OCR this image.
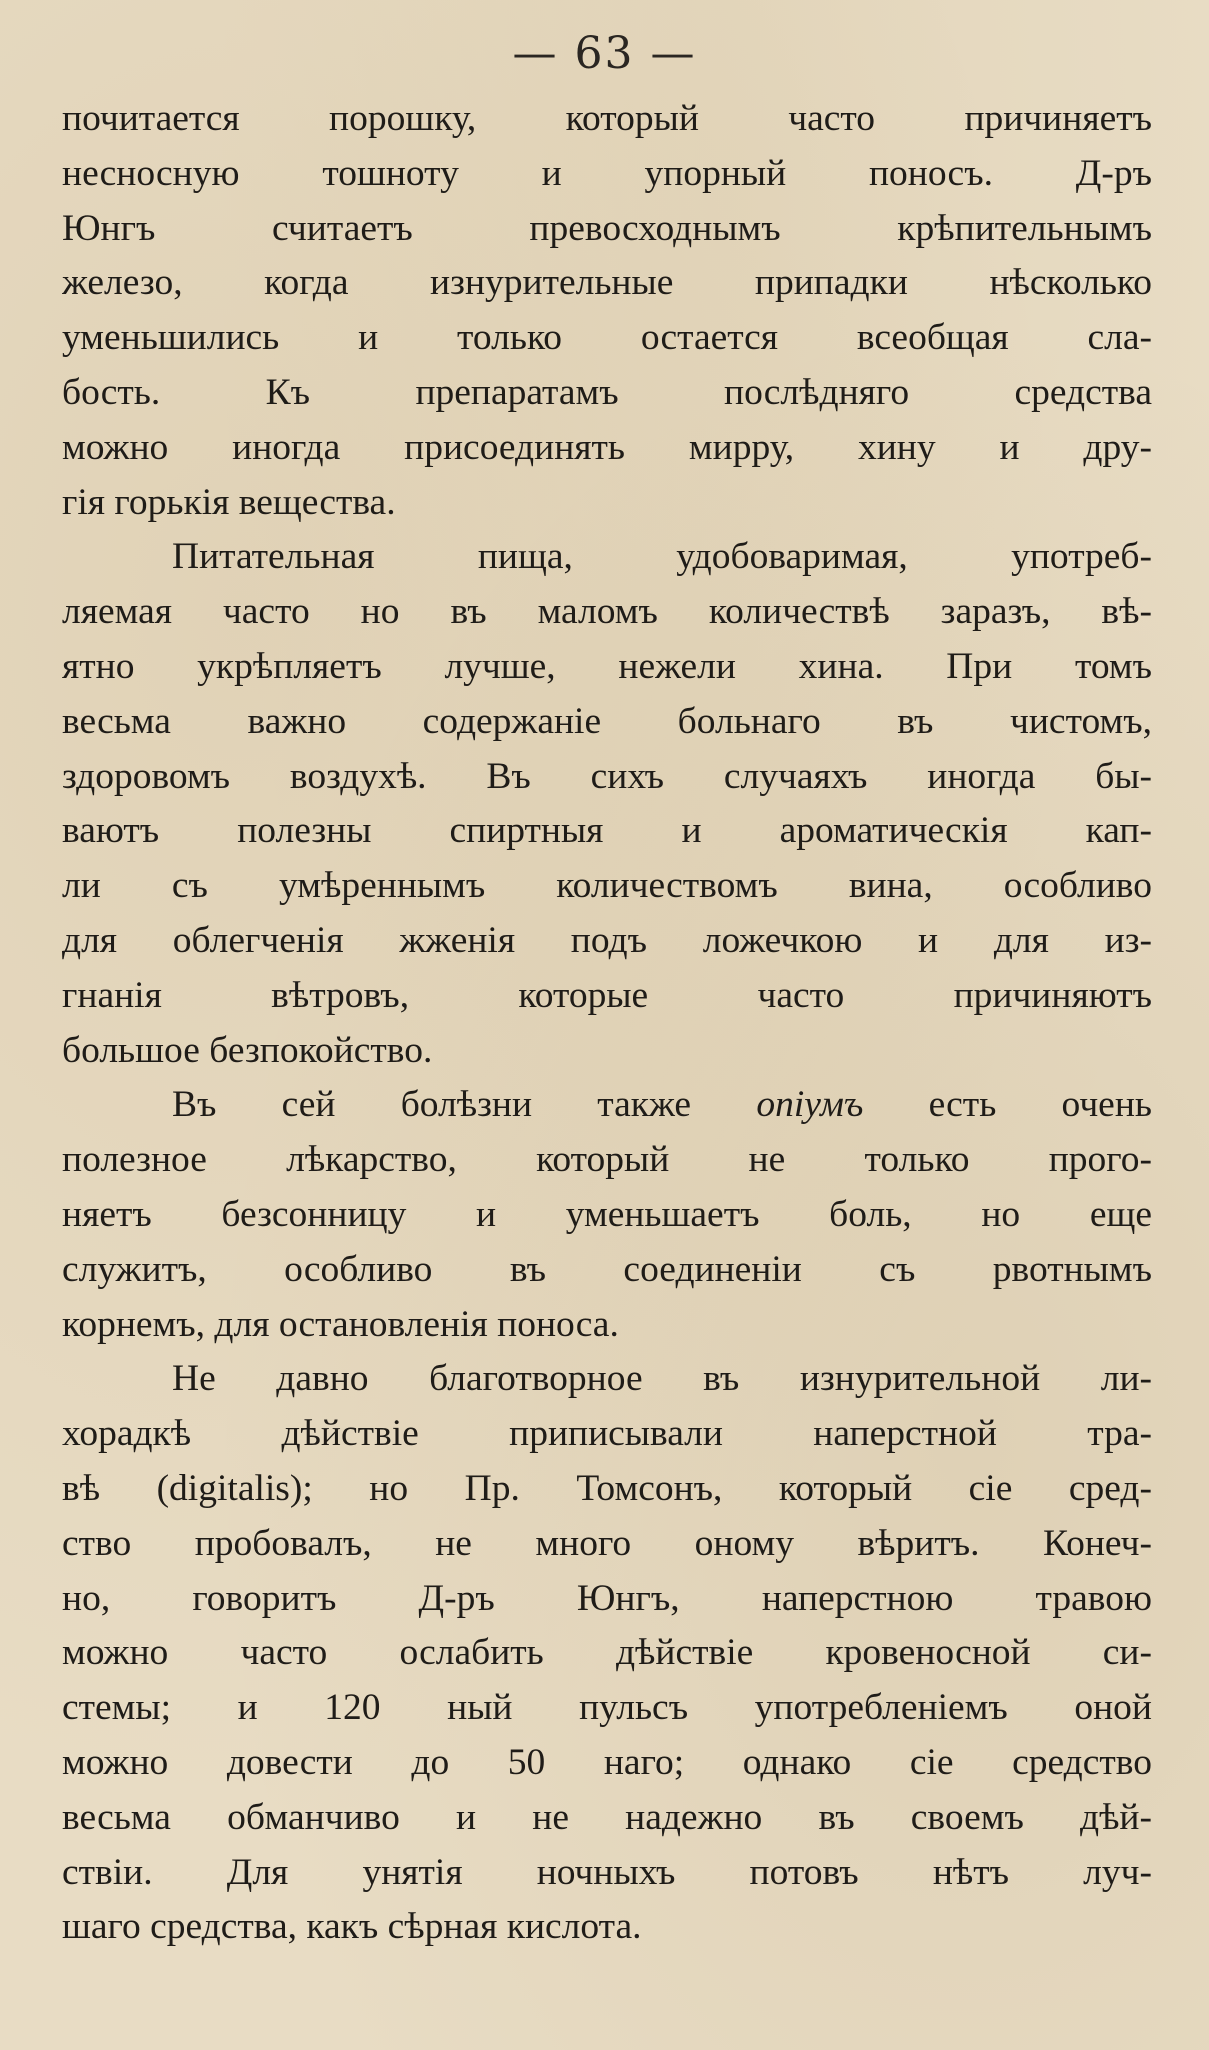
— 63 —
почитается порошку, который часто причиняетъ
несносную тошноту и упорный поносъ. Д-ръ
Юнгъ считаетъ превосходнымъ крѣпительнымъ
железо, когда изнурительные припадки нѣсколько
уменьшились и только остается всеобщая сла-
бость. Къ препаратамъ послѣдняго средства
можно иногда присоединять мирру, хину и дру-
гія горькія вещества.
Питательная пища, удобоваримая, употреб-
ляемая часто но въ маломъ количествѣ заразъ, вѣ-
ятно укрѣпляетъ лучше, нежели хина. При томъ
весьма важно содержаніе больнаго въ чистомъ,
здоровомъ воздухѣ. Въ сихъ случаяхъ иногда бы-
ваютъ полезны спиртныя и ароматическія кап-
ли съ умѣреннымъ количествомъ вина, особливо
для облегченія жженія подъ ложечкою и для из-
гнанія вѣтровъ, которые часто причиняютъ
большое безпокойство.
Въ сей болѣзни также опіумъ есть очень
полезное лѣкарство, который не только прого-
няетъ безсонницу и уменьшаетъ боль, но еще
служитъ, особливо въ соединеніи съ рвотнымъ
корнемъ, для остановленія поноса.
Не давно благотворное въ изнурительной ли-
хорадкѣ дѣйствіе приписывали наперстной тра-
вѣ (digitalis); но Пр. Томсонъ, который сіе сред-
ство пробовалъ, не много оному вѣритъ. Конеч-
но, говоритъ Д-ръ Юнгъ, наперстною травою
можно часто ослабить дѣйствіе кровеносной си-
стемы; и 120 ный пульсъ употребленіемъ оной
можно довести до 50 наго; однако сіе средство
весьма обманчиво и не надежно въ своемъ дѣй-
ствіи. Для унятія ночныхъ потовъ нѣтъ луч-
шаго средства, какъ сѣрная кислота.
